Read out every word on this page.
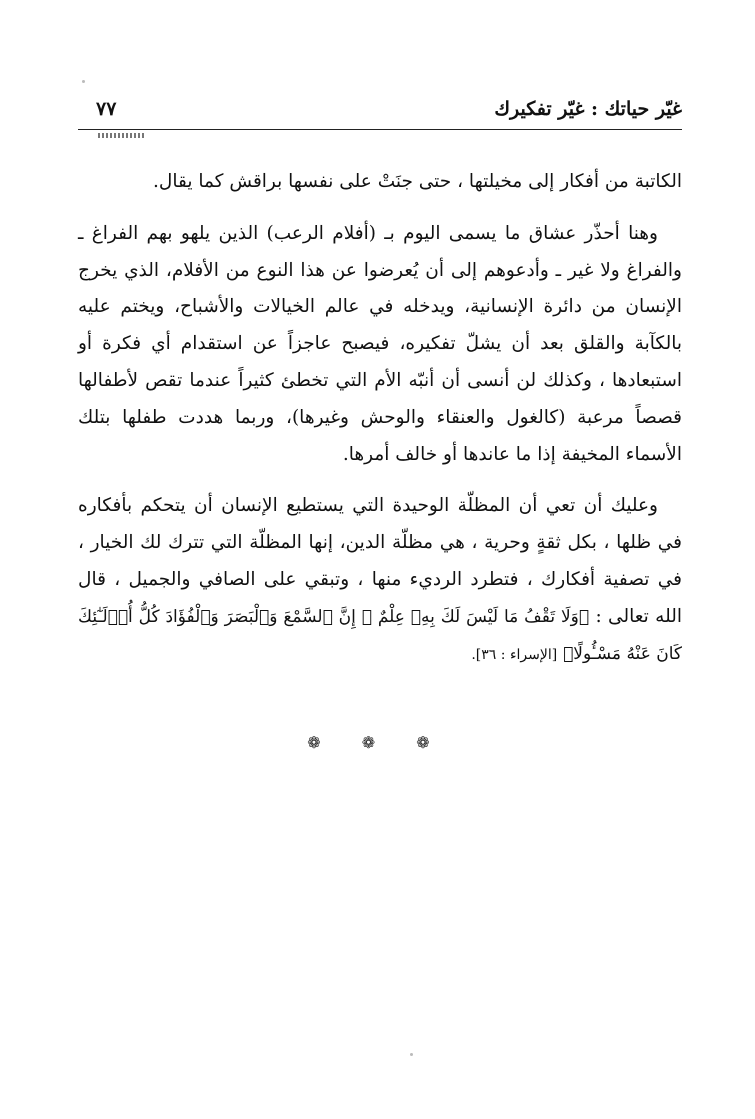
غيّر حياتك : غيّر تفكيرك
٧٧

الكاتبة من أفكار إلى مخيلتها ، حتى جنَتْ على نفسها براقش كما يقال.

وهنا أحذّر عشاق ما يسمى اليوم بـ (أفلام الرعب) الذين يلهو بهم الفراغ ـ والفراغ ولا غير ـ وأدعوهم إلى أن يُعرضوا عن هذا النوع من الأفلام، الذي يخرج الإنسان من دائرة الإنسانية، ويدخله في عالم الخيالات والأشباح، ويختم عليه بالكآبة والقلق بعد أن يشلّ تفكيره، فيصبح عاجزاً عن استقدام أي فكرة أو استبعادها ، وكذلك لن أنسى أن أنبّه الأم التي تخطئ كثيراً عندما تقص لأطفالها قصصاً مرعبة (كالغول والعنقاء والوحش وغيرها)، وربما هددت طفلها بتلك الأسماء المخيفة إذا ما عاندها أو خالف أمرها.

وعليك أن تعي أن المظلّة الوحيدة التي يستطيع الإنسان أن يتحكم بأفكاره في ظلها ، بكل ثقةٍ وحرية ، هي مظلّة الدين، إنها المظلّة التي تترك لك الخيار ، في تصفية أفكارك ، فتطرد الرديء منها ، وتبقي على الصافي والجميل ، قال الله تعالى : ﴿وَلَا تَقْفُ مَا لَيْسَ لَكَ بِهِۦ عِلْمٌ ۚ إِنَّ ٱلسَّمْعَ وَٱلْبَصَرَ وَٱلْفُؤَادَ كُلُّ أُو۟لَـٰٓئِكَ كَانَ عَنْهُ مَسْـُٔولًا﴾ [الإسراء : ٣٦].

❁ ❁ ❁
